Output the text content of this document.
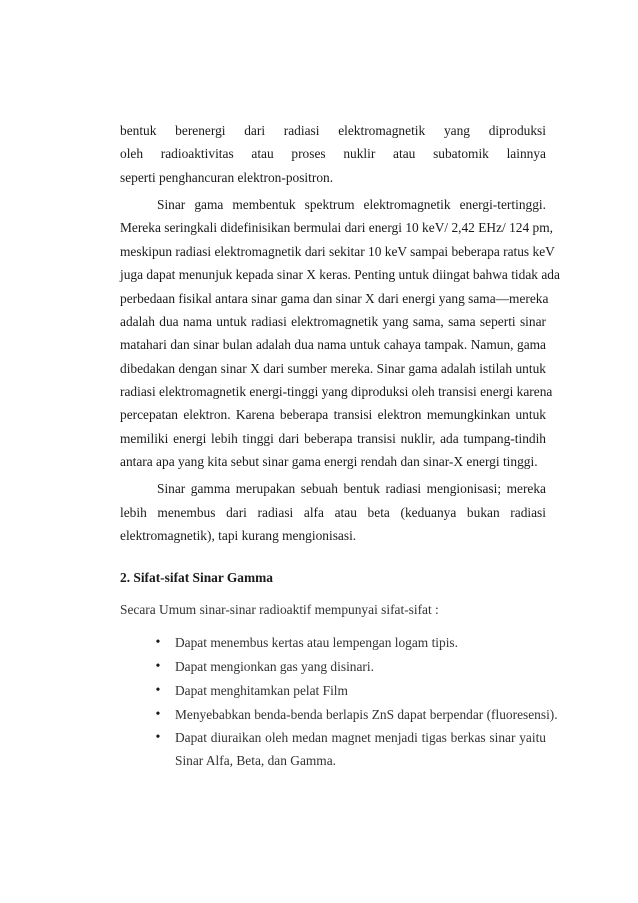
bentuk berenergi dari radiasi elektromagnetik yang diproduksi
oleh radioaktivitas atau proses nuklir atau subatomik lainnya
seperti penghancuran elektron-positron.
Sinar gama membentuk spektrum elektromagnetik energi-tertinggi.
Mereka seringkali didefinisikan bermulai dari energi 10 keV/ 2,42 EHz/ 124 pm,
meskipun radiasi elektromagnetik dari sekitar 10 keV sampai beberapa ratus keV
juga dapat menunjuk kepada sinar X keras. Penting untuk diingat bahwa tidak ada
perbedaan fisikal antara sinar gama dan sinar X dari energi yang sama—mereka
adalah dua nama untuk radiasi elektromagnetik yang sama, sama seperti sinar
matahari dan sinar bulan adalah dua nama untuk cahaya tampak. Namun, gama
dibedakan dengan sinar X dari sumber mereka. Sinar gama adalah istilah untuk
radiasi elektromagnetik energi-tinggi yang diproduksi oleh transisi energi karena
percepatan elektron. Karena beberapa transisi elektron memungkinkan untuk
memiliki energi lebih tinggi dari beberapa transisi nuklir, ada tumpang-tindih
antara apa yang kita sebut sinar gama energi rendah dan sinar-X energi tinggi.
Sinar gamma merupakan sebuah bentuk radiasi mengionisasi; mereka
lebih menembus dari radiasi alfa atau beta (keduanya bukan radiasi
elektromagnetik), tapi kurang mengionisasi.
2. Sifat-sifat Sinar Gamma
Secara Umum sinar-sinar radioaktif mempunyai sifat-sifat :
• Dapat menembus kertas atau lempengan logam tipis.
• Dapat mengionkan gas yang disinari.
• Dapat menghitamkan pelat Film
• Menyebabkan benda-benda berlapis ZnS dapat berpendar (fluoresensi).
• Dapat diuraikan oleh medan magnet menjadi tigas berkas sinar yaitu
Sinar Alfa, Beta, dan Gamma.
